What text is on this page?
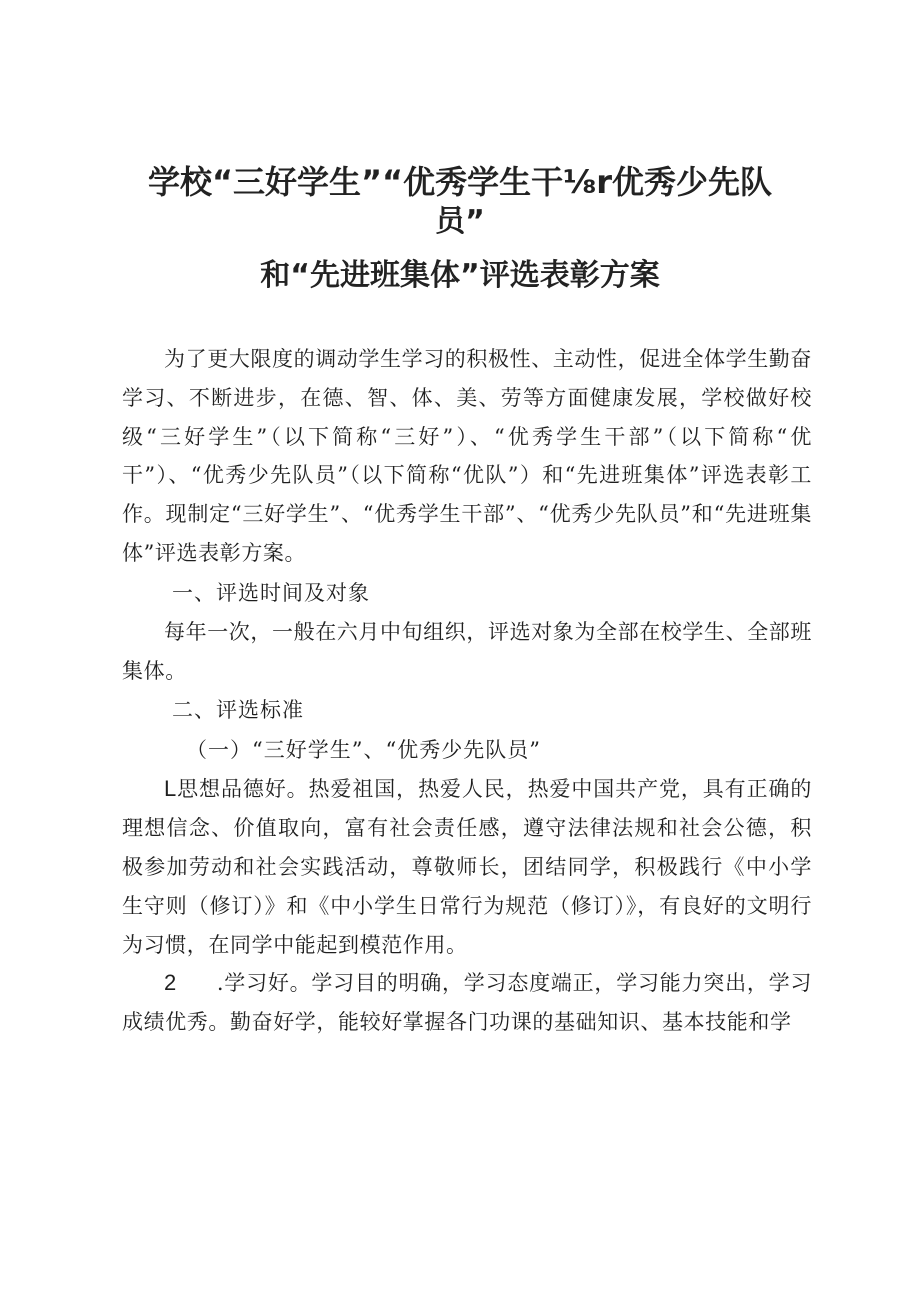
学校“三好学生”“优秀学生干⅛r优秀少先队
员”
和“先进班集体”评选表彰方案

为了更大限度的调动学生学习的积极性、主动性，促进全体学生勤奋学习、不断进步，在德、智、体、美、劳等方面健康发展，学校做好校级“三好学生”（以下简称“三好”）、“优秀学生干部”（以下简称“优干”）、“优秀少先队员”（以下简称“优队”）和“先进班集体”评选表彰工作。现制定“三好学生”、“优秀学生干部”、“优秀少先队员”和“先进班集体”评选表彰方案。

一、评选时间及对象

每年一次，一般在六月中旬组织，评选对象为全部在校学生、全部班集体。

二、评选标准

（一）“三好学生”、“优秀少先队员”

L思想品德好。热爱祖国，热爱人民，热爱中国共产党，具有正确的理想信念、价值取向，富有社会责任感，遵守法律法规和社会公德，积极参加劳动和社会实践活动，尊敬师长，团结同学，积极践行《中小学生守则（修订）》和《中小学生日常行为规范（修订）》，有良好的文明行为习惯，在同学中能起到模范作用。

2 .学习好。学习目的明确，学习态度端正，学习能力突出，学习成绩优秀。勤奋好学，能较好掌握各门功课的基础知识、基本技能和学
